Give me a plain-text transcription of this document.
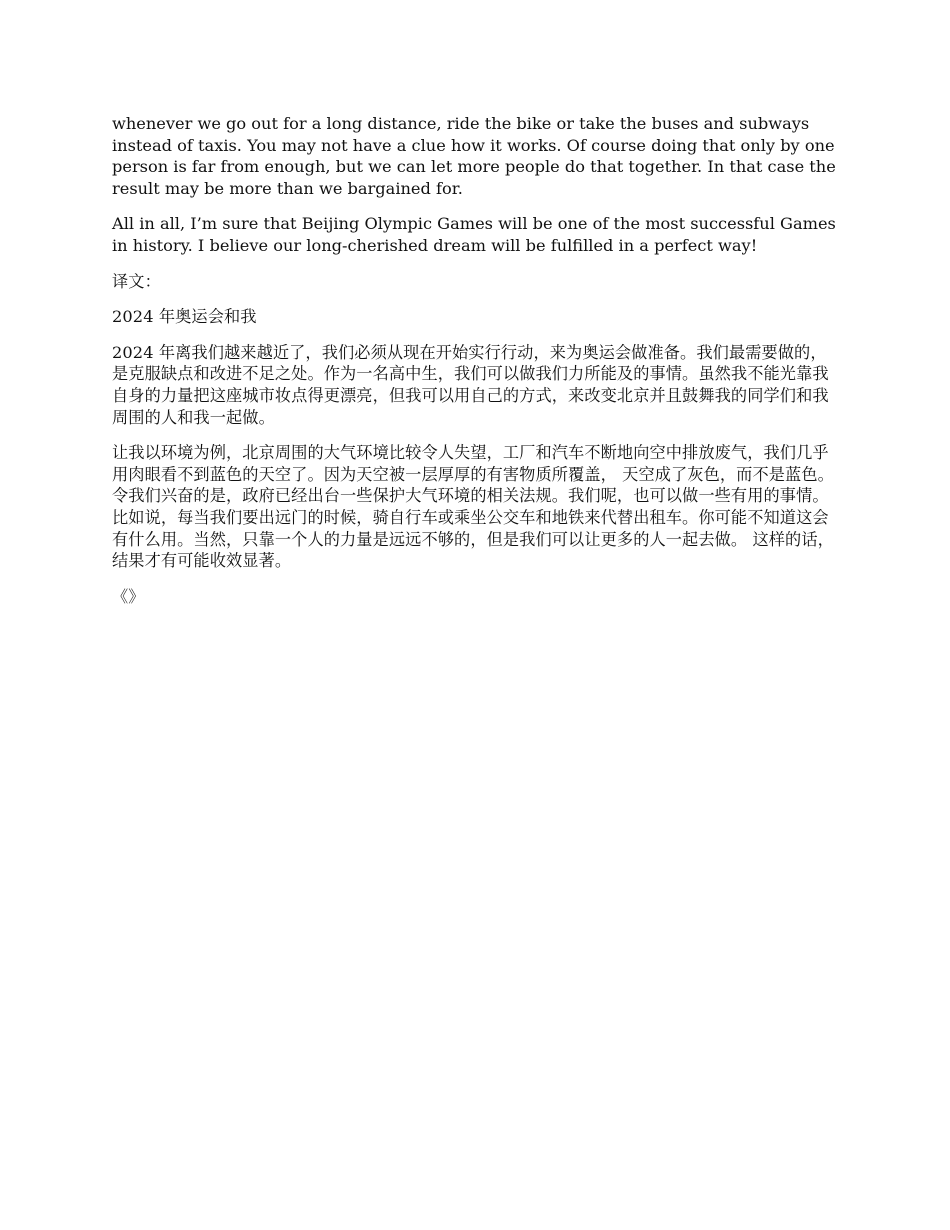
whenever we go out for a long distance, ride the bike or take the buses and subways instead of taxis. You may not have a clue how it works. Of course doing that only by one person is far from enough, but we can let more people do that together. In that case the result may be more than we bargained for.

All in all, I’m sure that Beijing Olympic Games will be one of the most successful Games in history. I believe our long-cherished dream will be fulfilled in a perfect way!

译文：

2024 年奥运会和我

2024 年离我们越来越近了，我们必须从现在开始实行行动，来为奥运会做准备。我们最需要做的，是克服缺点和改进不足之处。作为一名高中生，我们可以做我们力所能及的事情。虽然我不能光靠我自身的力量把这座城市妆点得更漂亮，但我可以用自己的方式，来改变北京并且鼓舞我的同学们和我周围的人和我一起做。

让我以环境为例，北京周围的大气环境比较令人失望，工厂和汽车不断地向空中排放废气，我们几乎用肉眼看不到蓝色的天空了。因为天空被一层厚厚的有害物质所覆盖， 天空成了灰色，而不是蓝色。令我们兴奋的是，政府已经出台一些保护大气环境的相关法规。我们呢，也可以做一些有用的事情。比如说，每当我们要出远门的时候，骑自行车或乘坐公交车和地铁来代替出租车。你可能不知道这会有什么用。当然，只靠一个人的力量是远远不够的，但是我们可以让更多的人一起去做。 这样的话，结果才有可能收效显著。

《》
